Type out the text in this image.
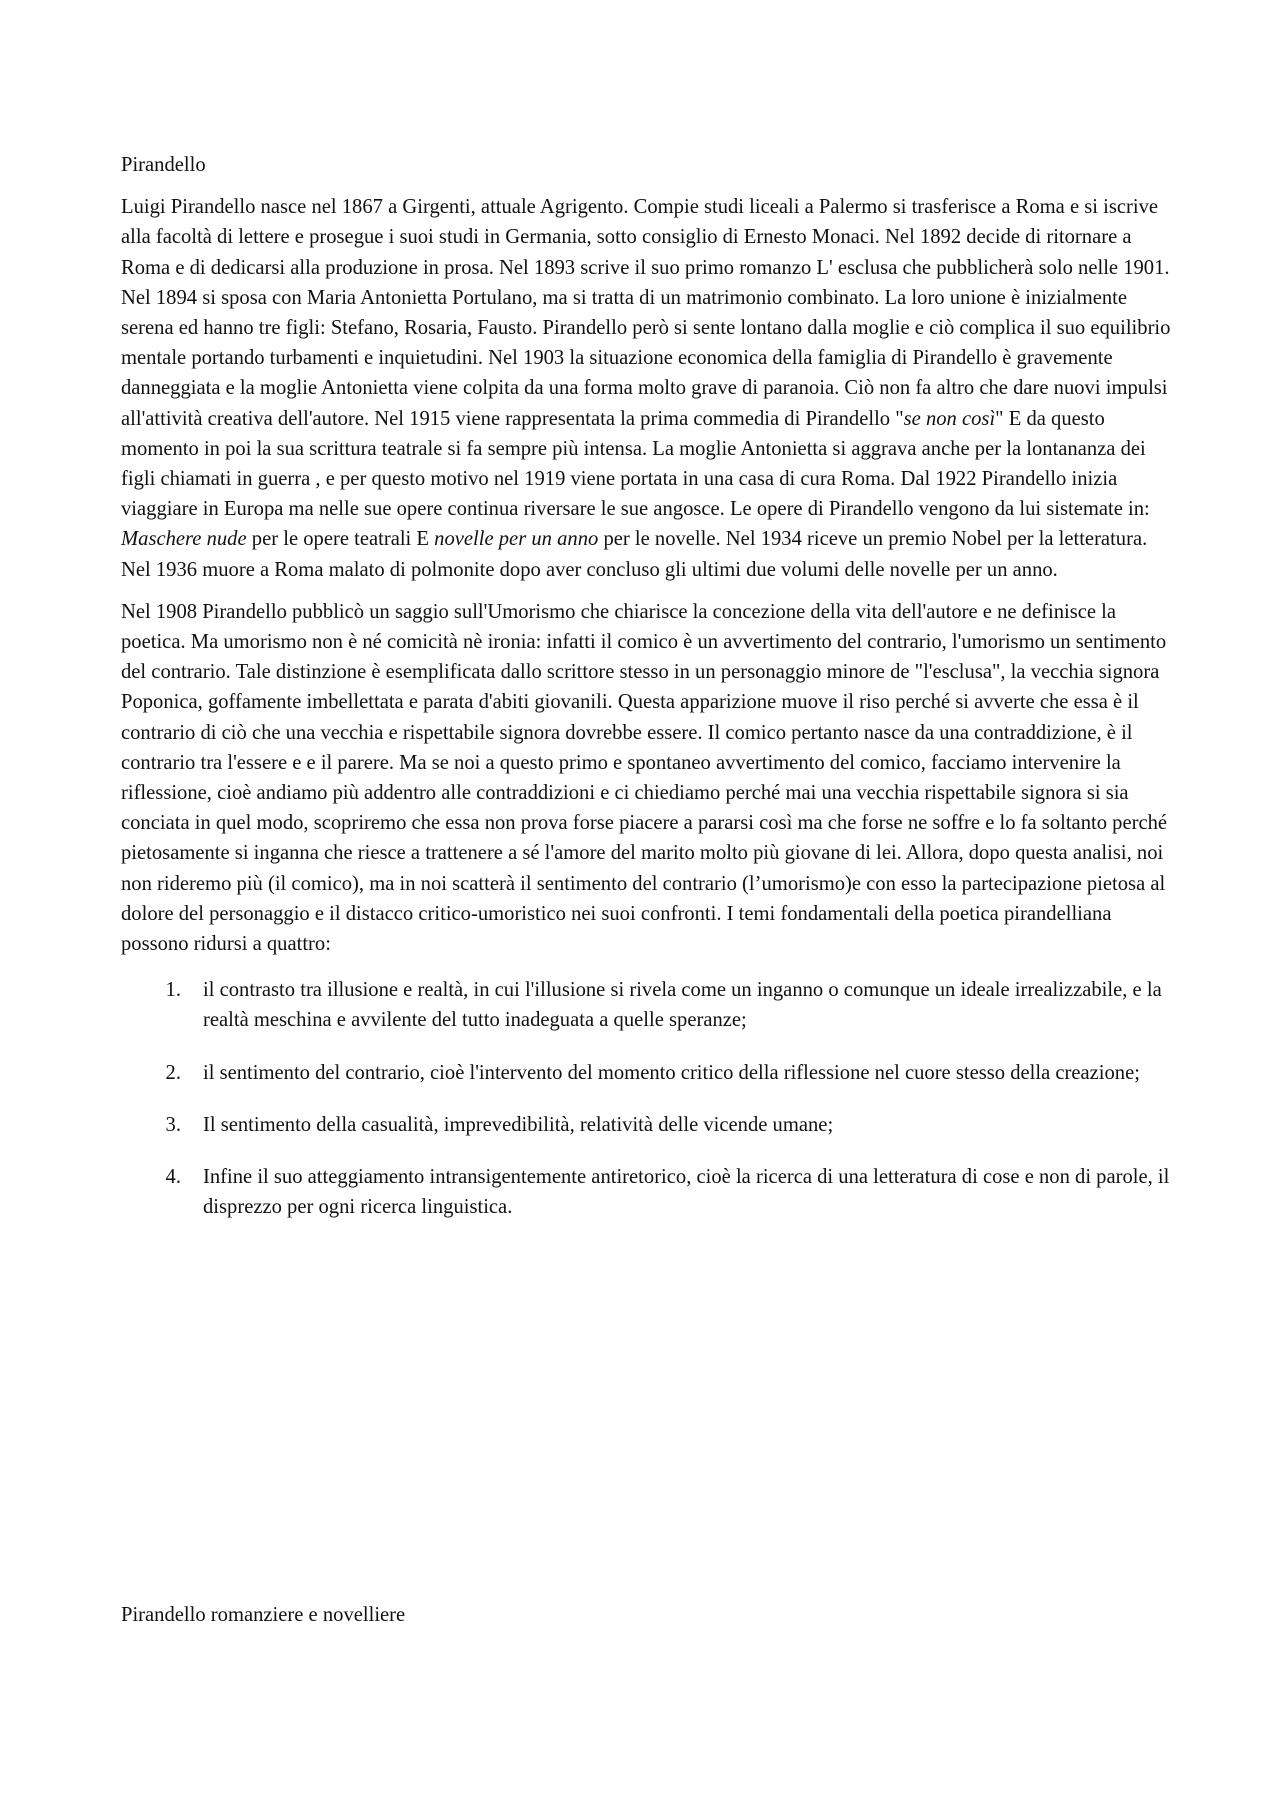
Pirandello

Luigi Pirandello nasce nel 1867 a Girgenti, attuale Agrigento. Compie studi liceali a Palermo si trasferisce a Roma e si iscrive alla facoltà di lettere e prosegue i suoi studi in Germania, sotto consiglio di Ernesto Monaci. Nel 1892 decide di ritornare a Roma e di dedicarsi alla produzione in prosa. Nel 1893 scrive il suo primo romanzo L' esclusa che pubblicherà solo nelle 1901. Nel 1894 si sposa con Maria Antonietta Portulano, ma si tratta di un matrimonio combinato. La loro unione è inizialmente serena ed hanno tre figli: Stefano, Rosaria, Fausto. Pirandello però si sente lontano dalla moglie e ciò complica il suo equilibrio mentale portando turbamenti e inquietudini. Nel 1903 la situazione economica della famiglia di Pirandello è gravemente danneggiata e la moglie Antonietta viene colpita da una forma molto grave di paranoia. Ciò non fa altro che dare nuovi impulsi all'attività creativa dell'autore. Nel 1915 viene rappresentata la prima commedia di Pirandello "se non così" E da questo momento in poi la sua scrittura teatrale si fa sempre più intensa. La moglie Antonietta si aggrava anche per la lontananza dei figli chiamati in guerra , e per questo motivo nel 1919 viene portata in una casa di cura Roma. Dal 1922 Pirandello inizia viaggiare in Europa ma nelle sue opere continua riversare le sue angosce. Le opere di Pirandello vengono da lui sistemate in: Maschere nude per le opere teatrali E novelle per un anno per le novelle. Nel 1934 riceve un premio Nobel per la letteratura. Nel 1936 muore a Roma malato di polmonite dopo aver concluso gli ultimi due volumi delle novelle per un anno.

Nel 1908 Pirandello pubblicò un saggio sull'Umorismo che chiarisce la concezione della vita dell'autore e ne definisce la poetica. Ma umorismo non è né comicità nè ironia: infatti il comico è un avvertimento del contrario, l'umorismo un sentimento del contrario. Tale distinzione è esemplificata dallo scrittore stesso in un personaggio minore de "l'esclusa", la vecchia signora Poponica, goffamente imbellettata e parata d'abiti giovanili. Questa apparizione muove il riso perché si avverte che essa è il contrario di ciò che una vecchia e rispettabile signora dovrebbe essere. Il comico pertanto nasce da una contraddizione, è il contrario tra l'essere e e il parere. Ma se noi a questo primo e spontaneo avvertimento del comico, facciamo intervenire la riflessione, cioè andiamo più addentro alle contraddizioni e ci chiediamo perché mai una vecchia rispettabile signora si sia conciata in quel modo, scopriremo che essa non prova forse piacere a pararsi così ma che forse ne soffre e lo fa soltanto perché pietosamente si inganna che riesce a trattenere a sé l'amore del marito molto più giovane di lei. Allora, dopo questa analisi, noi non rideremo più (il comico), ma in noi scatterà il sentimento del contrario (l’umorismo)e con esso la partecipazione pietosa al dolore del personaggio e il distacco critico-umoristico nei suoi confronti. I temi fondamentali della poetica pirandelliana possono ridursi a quattro:

1.	il contrasto tra illusione e realtà, in cui l'illusione si rivela come un inganno o comunque un ideale irrealizzabile, e la realtà meschina e avvilente del tutto inadeguata a quelle speranze;
2.	il sentimento del contrario, cioè l'intervento del momento critico della riflessione nel cuore stesso della creazione;
3.	Il sentimento della casualità, imprevedibilità, relatività delle vicende umane;
4.	Infine il suo atteggiamento intransigentemente antiretorico, cioè la ricerca di una letteratura di cose e non di parole, il disprezzo per ogni ricerca linguistica.

Pirandello romanziere e novelliere
